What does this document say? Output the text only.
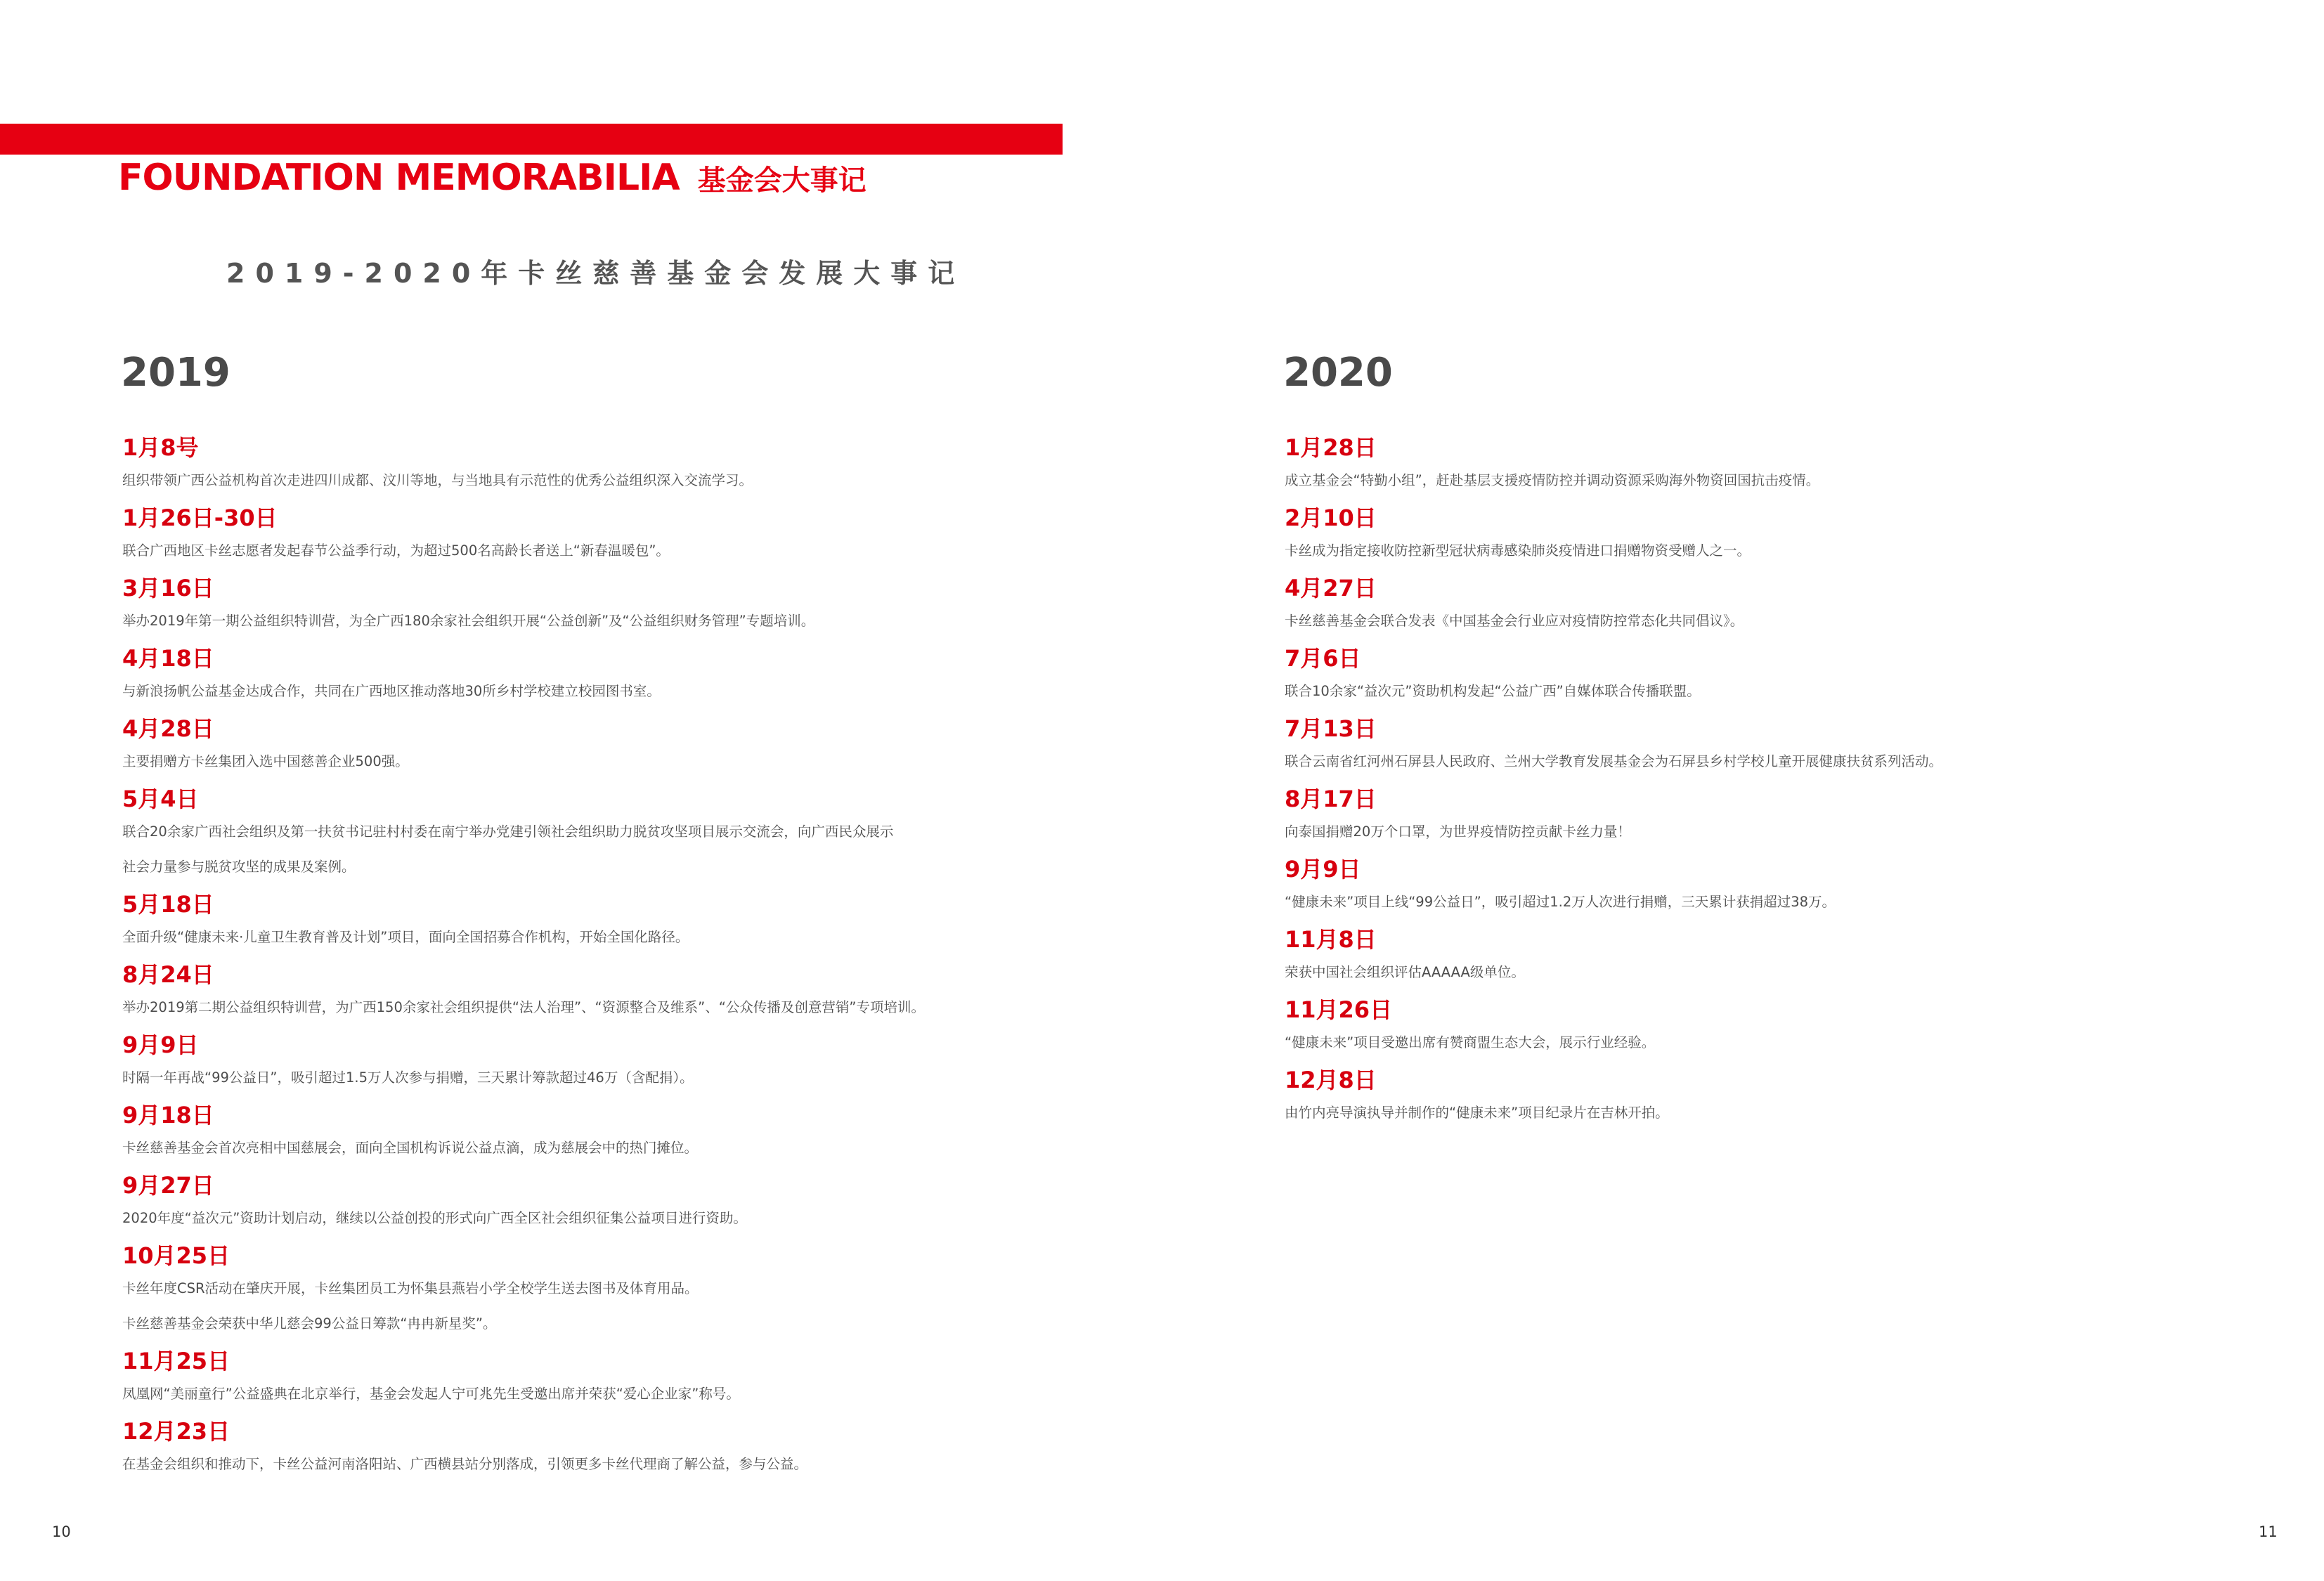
FOUNDATION MEMORABILIA 基金会大事记
2019-2020年卡丝慈善基金会发展大事记
2019	2020
1月8号
组织带领广西公益机构首次走进四川成都、汶川等地，与当地具有示范性的优秀公益组织深入交流学习。
1月26日-30日
联合广西地区卡丝志愿者发起春节公益季行动，为超过500名高龄长者送上“新春温暖包”。
3月16日
举办2019年第一期公益组织特训营，为全广西180余家社会组织开展“公益创新”及“公益组织财务管理”专题培训。
4月18日
与新浪扬帆公益基金达成合作，共同在广西地区推动落地30所乡村学校建立校园图书室。
4月28日
主要捐赠方卡丝集团入选中国慈善企业500强。
5月4日
联合20余家广西社会组织及第一扶贫书记驻村村委在南宁举办党建引领社会组织助力脱贫攻坚项目展示交流会，向广西民众展示
社会力量参与脱贫攻坚的成果及案例。
5月18日
全面升级“健康未来·儿童卫生教育普及计划”项目，面向全国招募合作机构，开始全国化路径。
8月24日
举办2019第二期公益组织特训营，为广西150余家社会组织提供“法人治理”、“资源整合及维系”、“公众传播及创意营销”专项培训。
9月9日
时隔一年再战“99公益日”，吸引超过1.5万人次参与捐赠，三天累计筹款超过46万（含配捐）。
9月18日
卡丝慈善基金会首次亮相中国慈展会，面向全国机构诉说公益点滴，成为慈展会中的热门摊位。
9月27日
2020年度“益次元”资助计划启动，继续以公益创投的形式向广西全区社会组织征集公益项目进行资助。
10月25日
卡丝年度CSR活动在肇庆开展，卡丝集团员工为怀集县燕岩小学全校学生送去图书及体育用品。
卡丝慈善基金会荣获中华儿慈会99公益日筹款“冉冉新星奖”。
11月25日
凤凰网“美丽童行”公益盛典在北京举行，基金会发起人宁可兆先生受邀出席并荣获“爱心企业家”称号。
12月23日
在基金会组织和推动下，卡丝公益河南洛阳站、广西横县站分别落成，引领更多卡丝代理商了解公益，参与公益。
1月28日
成立基金会“特勤小组”，赶赴基层支援疫情防控并调动资源采购海外物资回国抗击疫情。
2月10日
卡丝成为指定接收防控新型冠状病毒感染肺炎疫情进口捐赠物资受赠人之一。
4月27日
卡丝慈善基金会联合发表《中国基金会行业应对疫情防控常态化共同倡议》。
7月6日
联合10余家“益次元”资助机构发起“公益广西”自媒体联合传播联盟。
7月13日
联合云南省红河州石屏县人民政府、兰州大学教育发展基金会为石屏县乡村学校儿童开展健康扶贫系列活动。
8月17日
向泰国捐赠20万个口罩，为世界疫情防控贡献卡丝力量！
9月9日
“健康未来”项目上线“99公益日”，吸引超过1.2万人次进行捐赠，三天累计获捐超过38万。
11月8日
荣获中国社会组织评估AAAAA级单位。
11月26日
“健康未来”项目受邀出席有赞商盟生态大会，展示行业经验。
12月8日
由竹内亮导演执导并制作的“健康未来”项目纪录片在吉林开拍。
10	11
